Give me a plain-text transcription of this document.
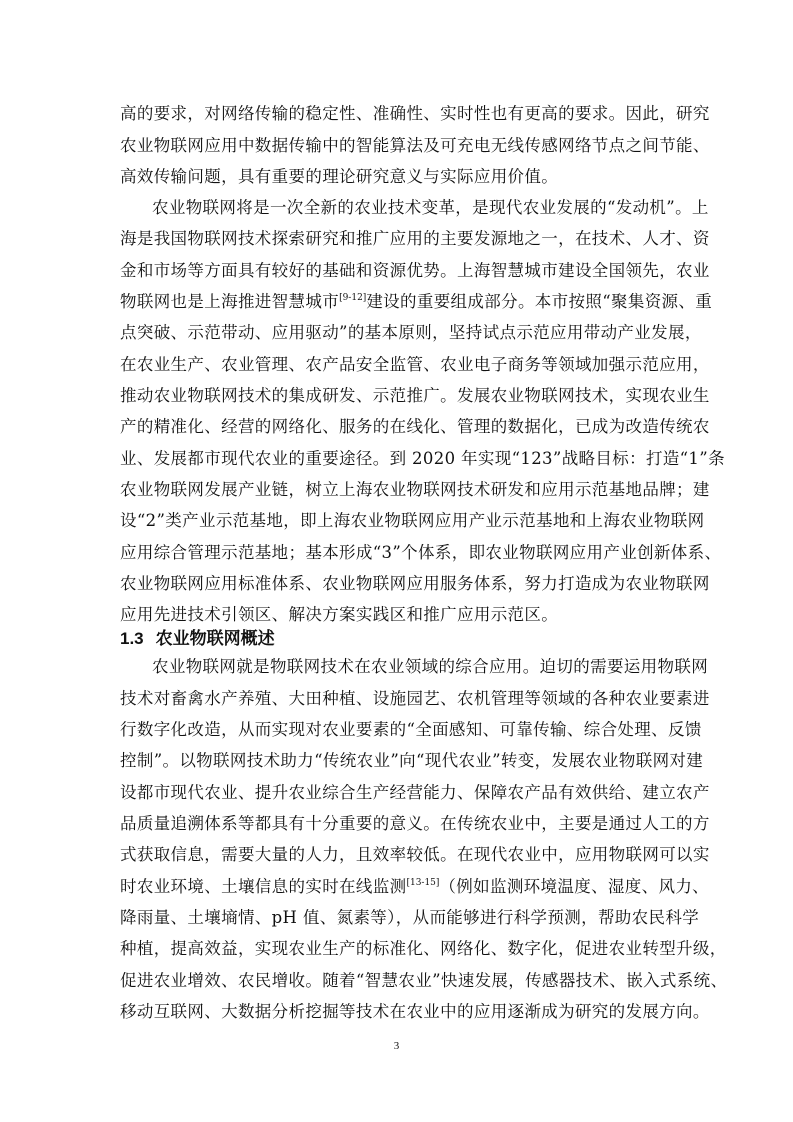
高的要求，对网络传输的稳定性、准确性、实时性也有更高的要求。因此，研究
农业物联网应用中数据传输中的智能算法及可充电无线传感网络节点之间节能、
高效传输问题，具有重要的理论研究意义与实际应用价值。
农业物联网将是一次全新的农业技术变革，是现代农业发展的“发动机”。上
海是我国物联网技术探索研究和推广应用的主要发源地之一，在技术、人才、资
金和市场等方面具有较好的基础和资源优势。上海智慧城市建设全国领先，农业
物联网也是上海推进智慧城市[9-12]建设的重要组成部分。本市按照“聚集资源、重
点突破、示范带动、应用驱动”的基本原则，坚持试点示范应用带动产业发展，
在农业生产、农业管理、农产品安全监管、农业电子商务等领域加强示范应用，
推动农业物联网技术的集成研发、示范推广。发展农业物联网技术，实现农业生
产的精准化、经营的网络化、服务的在线化、管理的数据化，已成为改造传统农
业、发展都市现代农业的重要途径。到 2020 年实现“123”战略目标：打造“1”条
农业物联网发展产业链，树立上海农业物联网技术研发和应用示范基地品牌；建
设“2”类产业示范基地，即上海农业物联网应用产业示范基地和上海农业物联网
应用综合管理示范基地；基本形成“3”个体系，即农业物联网应用产业创新体系、
农业物联网应用标准体系、农业物联网应用服务体系，努力打造成为农业物联网
应用先进技术引领区、解决方案实践区和推广应用示范区。
1.3 农业物联网概述
农业物联网就是物联网技术在农业领域的综合应用。迫切的需要运用物联网
技术对畜禽水产养殖、大田种植、设施园艺、农机管理等领域的各种农业要素进
行数字化改造，从而实现对农业要素的“全面感知、可靠传输、综合处理、反馈
控制”。以物联网技术助力“传统农业”向“现代农业”转变，发展农业物联网对建
设都市现代农业、提升农业综合生产经营能力、保障农产品有效供给、建立农产
品质量追溯体系等都具有十分重要的意义。在传统农业中，主要是通过人工的方
式获取信息，需要大量的人力，且效率较低。在现代农业中，应用物联网可以实
时农业环境、土壤信息的实时在线监测[13-15]（例如监测环境温度、湿度、风力、
降雨量、土壤墒情、pH 值、氮素等），从而能够进行科学预测，帮助农民科学
种植，提高效益，实现农业生产的标准化、网络化、数字化，促进农业转型升级，
促进农业增效、农民增收。随着“智慧农业”快速发展，传感器技术、嵌入式系统、
移动互联网、大数据分析挖掘等技术在农业中的应用逐渐成为研究的发展方向。
3
